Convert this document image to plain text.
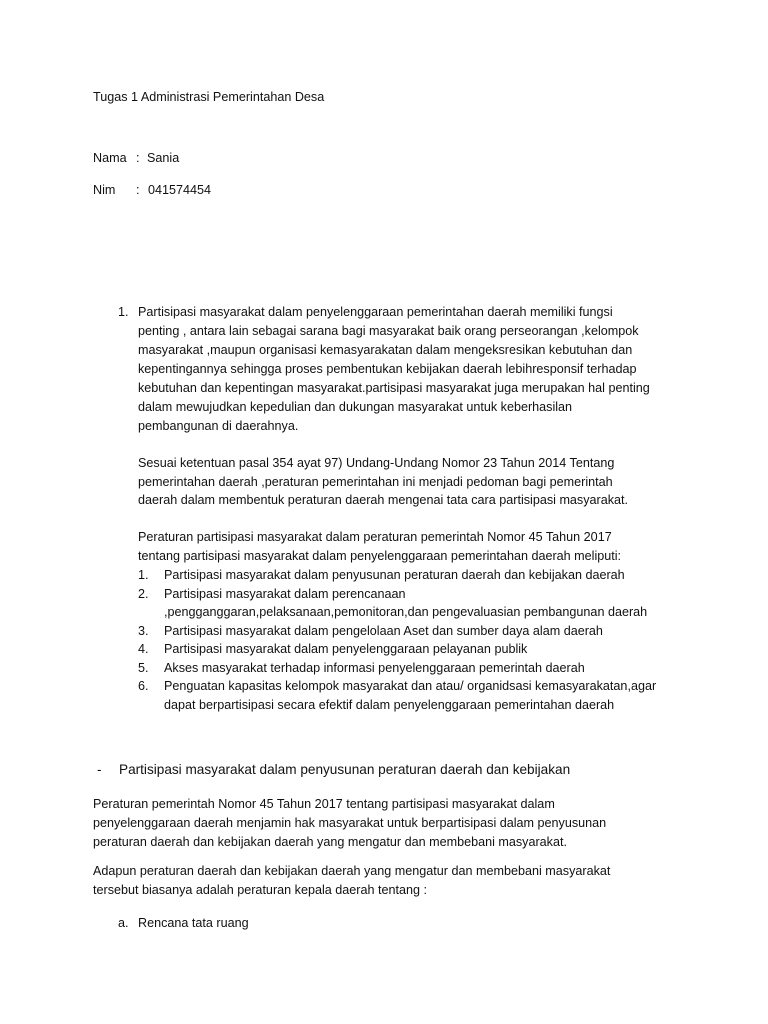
Tugas 1 Administrasi Pemerintahan Desa
Nama : Sania
Nim : 041574454
1. Partisipasi masyarakat dalam penyelenggaraan pemerintahan daerah memiliki fungsi
penting , antara lain sebagai sarana bagi masyarakat baik orang perseorangan ,kelompok
masyarakat ,maupun organisasi kemasyarakatan dalam mengeksresikan kebutuhan dan
kepentingannya sehingga proses pembentukan kebijakan daerah lebihresponsif terhadap
kebutuhan dan kepentingan masyarakat.partisipasi masyarakat juga merupakan hal penting
dalam mewujudkan kepedulian dan dukungan masyarakat untuk keberhasilan
pembangunan di daerahnya.
Sesuai ketentuan pasal 354 ayat 97) Undang-Undang Nomor 23 Tahun 2014 Tentang
pemerintahan daerah ,peraturan pemerintahan ini menjadi pedoman bagi pemerintah
daerah dalam membentuk peraturan daerah mengenai tata cara partisipasi masyarakat.
Peraturan partisipasi masyarakat dalam peraturan pemerintah Nomor 45 Tahun 2017
tentang partisipasi masyarakat dalam penyelenggaraan pemerintahan daerah meliputi:
1.	Partisipasi masyarakat dalam penyusunan peraturan daerah dan kebijakan daerah
2.	Partisipasi masyarakat dalam perencanaan
,pengganggaran,pelaksanaan,pemonitoran,dan pengevaluasian pembangunan daerah
3.	Partisipasi masyarakat dalam pengelolaan Aset dan sumber daya alam daerah
4.	Partisipasi masyarakat dalam penyelenggaraan pelayanan publik
5.	Akses masyarakat terhadap informasi penyelenggaraan pemerintah daerah
6.	Penguatan kapasitas kelompok masyarakat dan atau/ organidsasi kemasyarakatan,agar
dapat berpartisipasi secara efektif dalam penyelenggaraan pemerintahan daerah
- Partisipasi masyarakat dalam penyusunan peraturan daerah dan kebijakan
Peraturan pemerintah Nomor 45 Tahun 2017 tentang partisipasi masyarakat dalam
penyelenggaraan daerah menjamin hak masyarakat untuk berpartisipasi dalam penyusunan
peraturan daerah dan kebijakan daerah yang mengatur dan membebani masyarakat.
Adapun peraturan daerah dan kebijakan daerah yang mengatur dan membebani masyarakat
tersebut biasanya adalah peraturan kepala daerah tentang :
a. Rencana tata ruang
